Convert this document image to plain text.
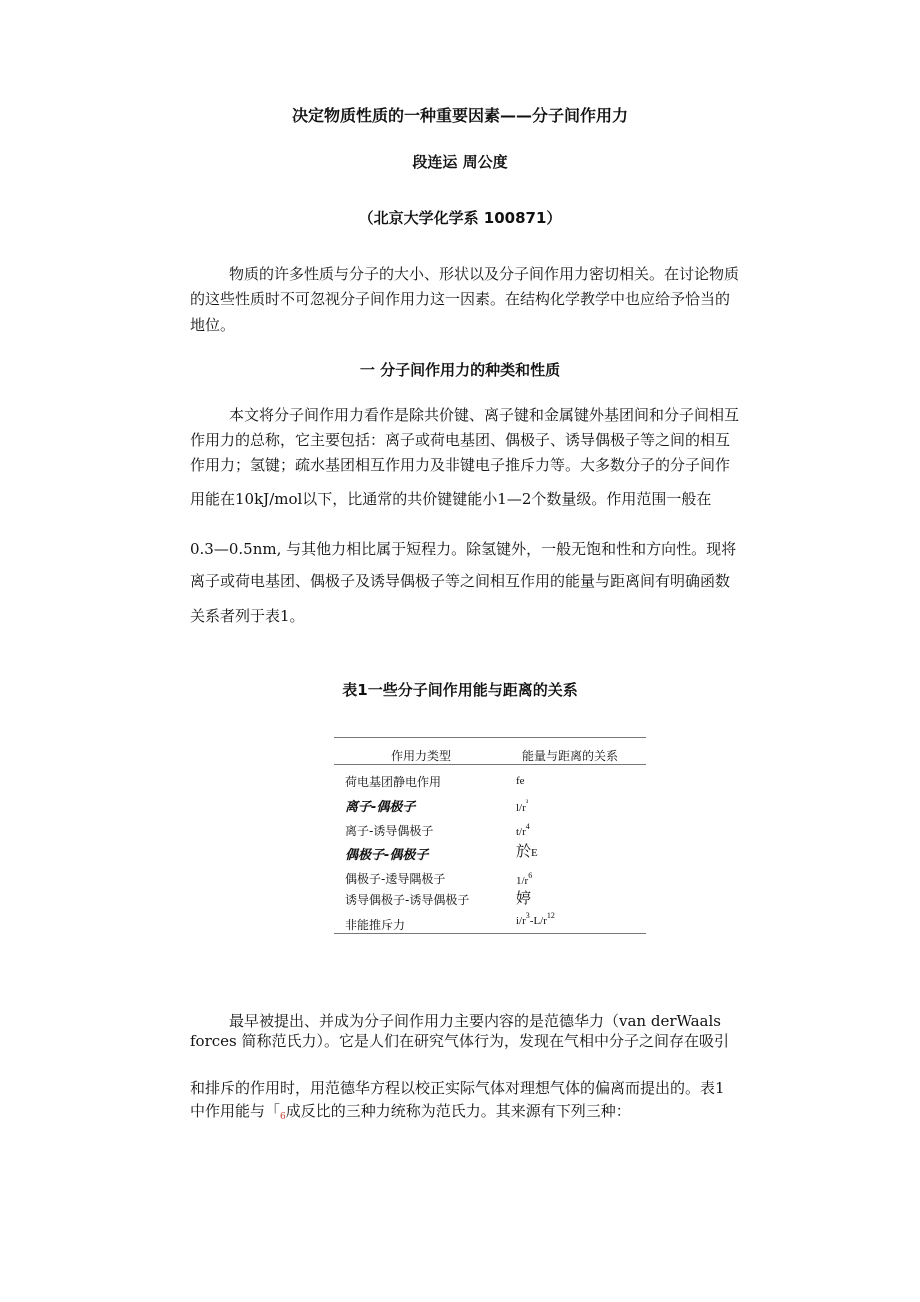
决定物质性质的一种重要因素——分子间作用力
段连运 周公度
（北京大学化学系 100871）
物质的许多性质与分子的大小、形状以及分子间作用力密切相关。在讨论物质
的这些性质时不可忽视分子间作用力这一因素。在结构化学教学中也应给予恰当的
地位。
一 分子间作用力的种类和性质
本文将分子间作用力看作是除共价键、离子键和金属键外基团间和分子间相互
作用力的总称，它主要包括：离子或荷电基团、偶极子、诱导偶极子等之间的相互
作用力；氢键；疏水基团相互作用力及非键电子推斥力等。大多数分子的分子间作
用能在10kJ/mol以下，比通常的共价键键能小1—2个数量级。作用范围一般在
0.3—0.5nm, 与其他力相比属于短程力。除氢键外，一般无饱和性和方向性。现将
离子或荷电基团、偶极子及诱导偶极子等之间相互作用的能量与距离间有明确函数
关系者列于表1。
表1一些分子间作用能与距离的关系
作用力类型	能量与距离的关系
荷电基团静电作用	fe
离子-偶极子	$l/r^{^3}$
离子-诱导偶极子	$t/r^4$
偶极子-偶极子	於E
偶极子-逶导隅极子	$1/r^6$
诱导偶极子-诱导偶极子	婷
非能推斥力	$i/r^3-L/r^{12}$
最早被提出、并成为分子间作用力主要内容的是范德华力（van derWaals
forces 简称范氏力）。它是人们在研究气体行为，发现在气相中分子之间存在吸引
和排斥的作用时，用范德华方程以校正实际气体对理想气体的偏离而提出的。表1
中作用能与「$_6$成反比的三种力统称为范氏力。其来源有下列三种：
